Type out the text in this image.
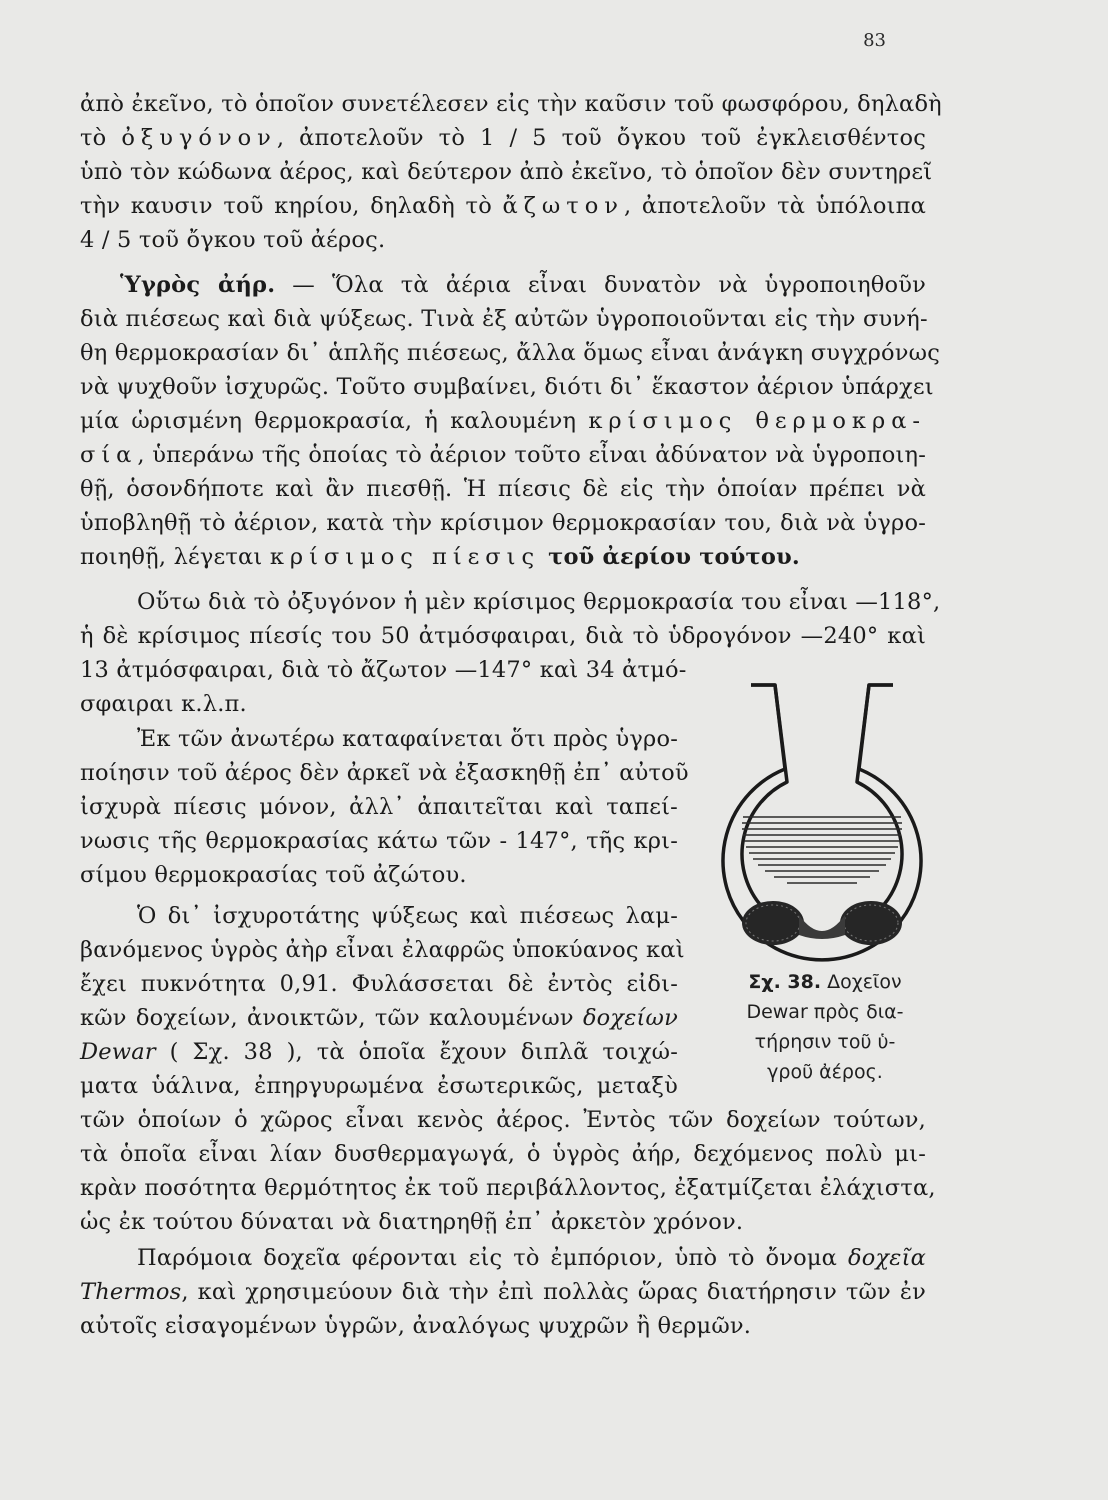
83
ἀπὸ ἐκεῖνο, τὸ ὁποῖον συνετέλεσεν εἰς τὴν καῦσιν τοῦ φωσφόρου, δηλαδὴ
τὸ ὀξυγόνον, ἀποτελοῦν τὸ 1 / 5 τοῦ ὄγκου τοῦ ἐγκλεισθέντος
ὑπὸ τὸν κώδωνα ἀέρος, καὶ δεύτερον ἀπὸ ἐκεῖνο, τὸ ὁποῖον δὲν συντηρεῖ
τὴν καυσιν τοῦ κηρίου, δηλαδὴ τὸ ἄζωτον, ἀποτελοῦν τὰ ὑπόλοιπα
4 / 5 τοῦ ὄγκου τοῦ ἀέρος.
Ὑγρὸς ἀήρ. — Ὅλα τὰ ἀέρια εἶναι δυνατὸν νὰ ὑγροποιηθοῦν
διὰ πιέσεως καὶ διὰ ψύξεως. Τινὰ ἐξ αὐτῶν ὑγροποιοῦνται εἰς τὴν συνή-
θη θερμοκρασίαν δι᾽ ἁπλῆς πιέσεως, ἄλλα ὅμως εἶναι ἀνάγκη συγχρόνως
νὰ ψυχθοῦν ἰσχυρῶς. Τοῦτο συμβαίνει, διότι δι᾽ ἕκαστον ἀέριον ὑπάρχει
μία ὡρισμένη θερμοκρασία, ἡ καλουμένη κρίσιμος θερμοκρα-
σία, ὑπεράνω τῆς ὁποίας τὸ ἀέριον τοῦτο εἶναι ἀδύνατον νὰ ὑγροποιη-
θῇ, ὁσονδήποτε καὶ ἂν πιεσθῇ. Ἡ πίεσις δὲ εἰς τὴν ὁποίαν πρέπει νὰ
ὑποβληθῇ τὸ ἀέριον, κατὰ τὴν κρίσιμον θερμοκρασίαν του, διὰ νὰ ὑγρο-
ποιηθῇ, λέγεται κρίσιμος πίεσις τοῦ ἀερίου τούτου.
Οὕτω διὰ τὸ ὀξυγόνον ἡ μὲν κρίσιμος θερμοκρασία του εἶναι —118°,
ἡ δὲ κρίσιμος πίεσίς του 50 ἀτμόσφαιραι, διὰ τὸ ὑδρογόνον —240° καὶ
13 ἀτμόσφαιραι, διὰ τὸ ἄζωτον —147° καὶ 34 ἀτμό-
σφαιραι κ.λ.π.
Ἐκ τῶν ἀνωτέρω καταφαίνεται ὅτι πρὸς ὑγρο-
ποίησιν τοῦ ἀέρος δὲν ἀρκεῖ νὰ ἐξασκηθῇ ἐπ᾽ αὐτοῦ
ἰσχυρὰ πίεσις μόνον, ἀλλ᾽ ἀπαιτεῖται καὶ ταπεί-
νωσις τῆς θερμοκρασίας κάτω τῶν - 147°, τῆς κρι-
σίμου θερμοκρασίας τοῦ ἀζώτου.
Ὁ δι᾽ ἰσχυροτάτης ψύξεως καὶ πιέσεως λαμ-
βανόμενος ὑγρὸς ἀὴρ εἶναι ἐλαφρῶς ὑποκύανος καὶ
ἔχει πυκνότητα 0,91. Φυλάσσεται δὲ ἐντὸς εἰδι-
κῶν δοχείων, ἀνοικτῶν, τῶν καλουμένων δοχείων
Dewar ( Σχ. 38 ), τὰ ὁποῖα ἔχουν διπλᾶ τοιχώ-
ματα ὑάλινα, ἐπηργυρωμένα ἐσωτερικῶς, μεταξὺ
τῶν ὁποίων ὁ χῶρος εἶναι κενὸς ἀέρος. Ἐντὸς τῶν δοχείων τούτων,
τὰ ὁποῖα εἶναι λίαν δυσθερμαγωγά, ὁ ὑγρὸς ἀήρ, δεχόμενος πολὺ μι-
κρὰν ποσότητα θερμότητος ἐκ τοῦ περιβάλλοντος, ἐξατμίζεται ἐλάχιστα,
ὡς ἐκ τούτου δύναται νὰ διατηρηθῇ ἐπ᾽ ἀρκετὸν χρόνον.
Παρόμοια δοχεῖα φέρονται εἰς τὸ ἐμπόριον, ὑπὸ τὸ ὄνομα δοχεῖα
Thermos, καὶ χρησιμεύουν διὰ τὴν ἐπὶ πολλὰς ὥρας διατήρησιν τῶν ἐν
αὐτοῖς εἰσαγομένων ὑγρῶν, ἀναλόγως ψυχρῶν ἢ θερμῶν.
Σχ. 38. Δοχεῖον
Dewar πρὸς δια-
τήρησιν τοῦ ὑ-
γροῦ ἀέρος.
